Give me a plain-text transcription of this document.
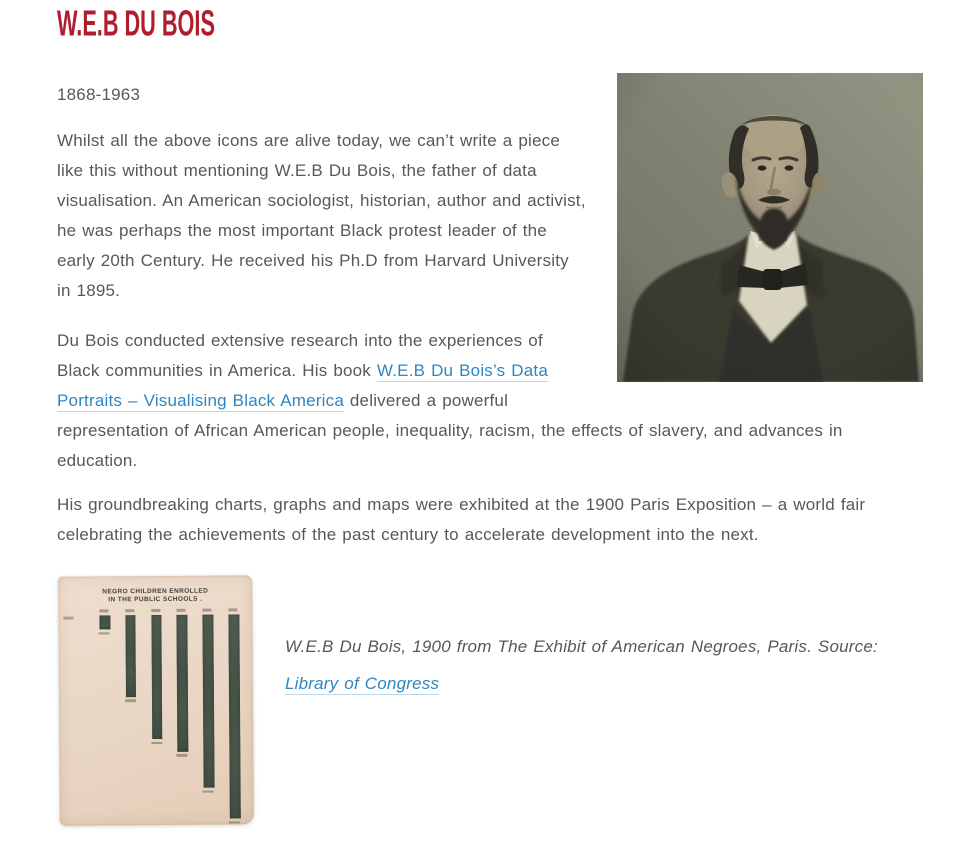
W.E.B DU BOIS

1868-1963

Whilst all the above icons are alive today, we can’t write a piece like this without mentioning W.E.B Du Bois, the father of data visualisation. An American sociologist, historian, author and activist, he was perhaps the most important Black protest leader of the early 20th Century. He received his Ph.D from Harvard University in 1895.

Du Bois conducted extensive research into the experiences of Black communities in America. His book W.E.B Du Bois’s Data Portraits – Visualising Black America delivered a powerful representation of African American people, inequality, racism, the effects of slavery, and advances in education.

His groundbreaking charts, graphs and maps were exhibited at the 1900 Paris Exposition – a world fair celebrating the achievements of the past century to accelerate development into the next.

NEGRO CHILDREN ENROLLED
IN THE PUBLIC SCHOOLS .

W.E.B Du Bois, 1900 from The Exhibit of American Negroes, Paris. Source: Library of Congress
